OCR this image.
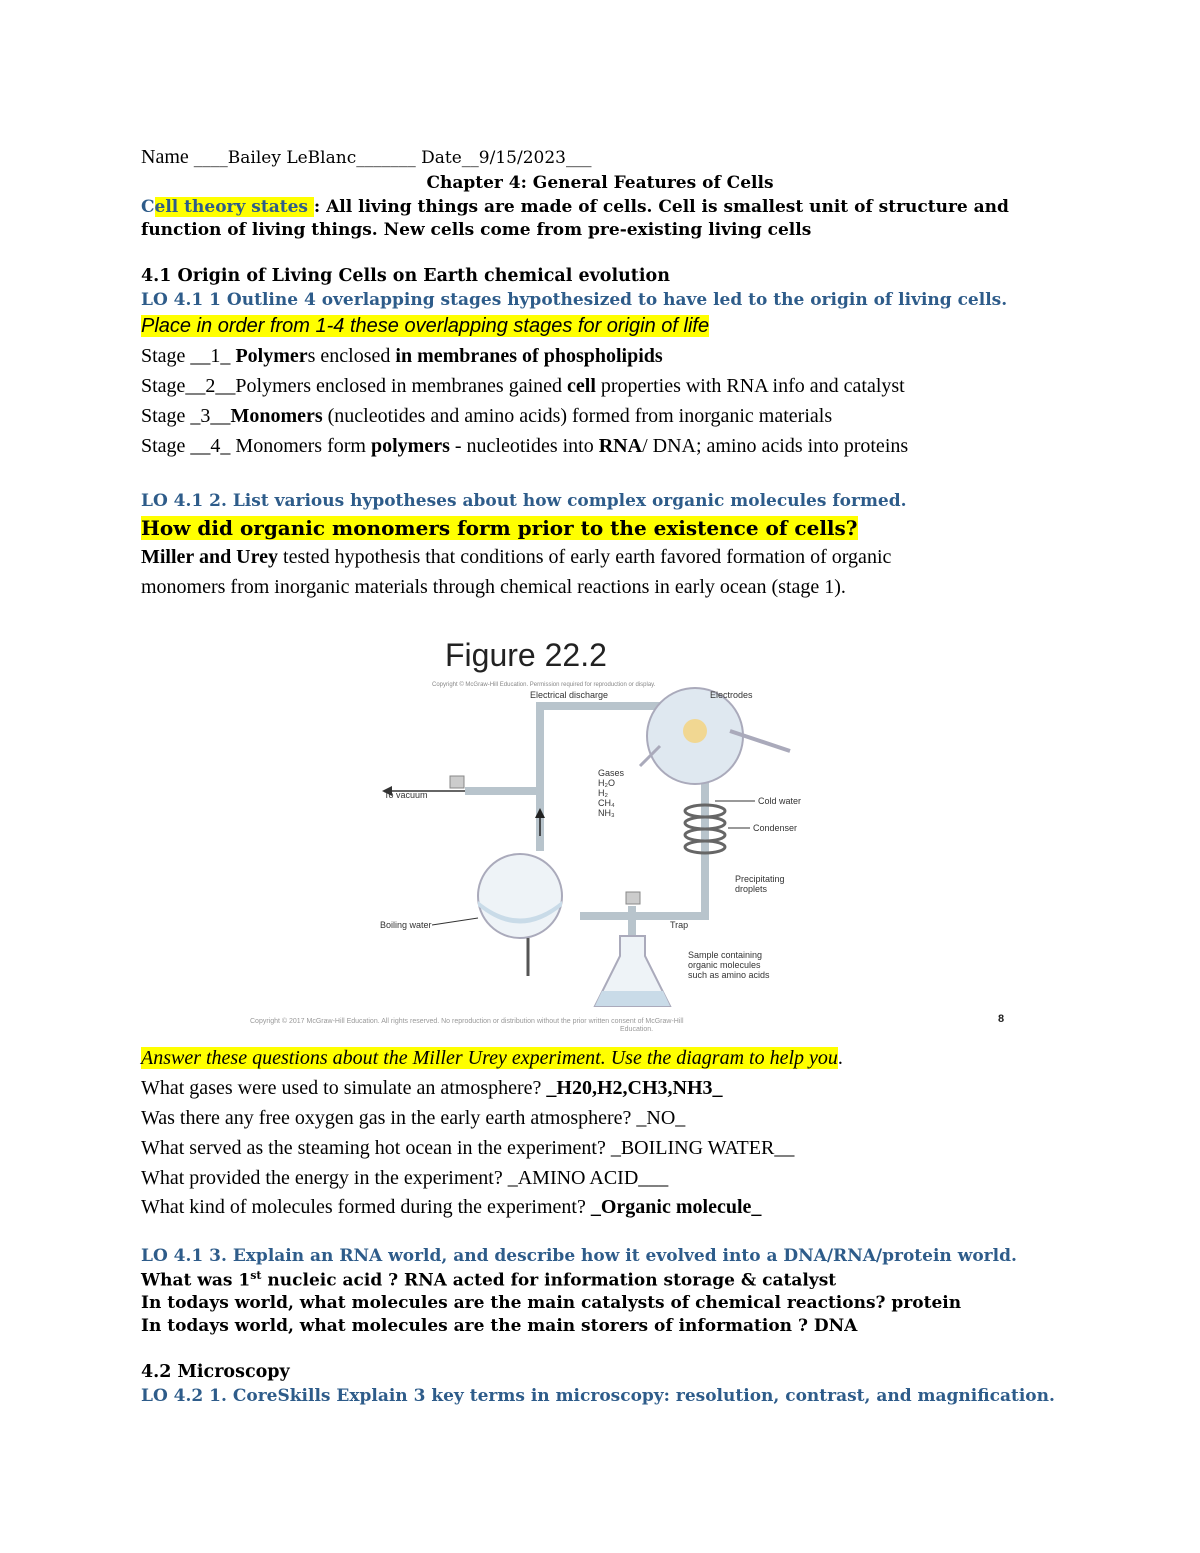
Name ____Bailey LeBlanc_______ Date__9/15/2023___
Chapter 4: General Features of Cells
Cell theory states : All living things are made of cells. Cell is smallest unit of structure and
function of living things. New cells come from pre-existing living cells
4.1 Origin of Living Cells on Earth chemical evolution
LO 4.1 1 Outline 4 overlapping stages hypothesized to have led to the origin of living cells.
Place in order from 1-4 these overlapping stages for origin of life
Stage __1_ Polymers enclosed in membranes of phospholipids
Stage__2__Polymers enclosed in membranes gained cell properties with RNA info and catalyst
Stage _3__Monomers (nucleotides and amino acids) formed from inorganic materials
Stage __4_ Monomers form polymers - nucleotides into RNA/ DNA; amino acids into proteins
LO 4.1 2. List various hypotheses about how complex organic molecules formed.
How did organic monomers form prior to the existence of cells?
Miller and Urey tested hypothesis that conditions of early earth favored formation of organic
monomers from inorganic materials through chemical reactions in early ocean (stage 1).
Figure 22.2
Copyright © McGraw-Hill Education. Permission required for reproduction or display.
To vacuum
Electrical discharge	Electrodes
Gases
H₂O
H₂
CH₄
NH₃
Cold water
Condenser
Precipitating
droplets
Boiling water	Trap
Sample containing
organic molecules
such as amino acids
Copyright © 2017 McGraw-Hill Education. All rights reserved. No reproduction or distribution without the prior written consent of McGraw-Hill
Education.
8
Answer these questions about the Miller Urey experiment. Use the diagram to help you.
What gases were used to simulate an atmosphere? _H20,H2,CH3,NH3_
Was there any free oxygen gas in the early earth atmosphere? _NO_
What served as the steaming hot ocean in the experiment? _BOILING WATER__
What provided the energy in the experiment? _AMINO ACID___
What kind of molecules formed during the experiment? _Organic molecule_
LO 4.1 3. Explain an RNA world, and describe how it evolved into a DNA/RNA/protein world.
What was 1st nucleic acid ? RNA acted for information storage & catalyst
In todays world, what molecules are the main catalysts of chemical reactions? protein
In todays world, what molecules are the main storers of information ? DNA
4.2 Microscopy
LO 4.2 1. CoreSkills Explain 3 key terms in microscopy: resolution, contrast, and magnification.
